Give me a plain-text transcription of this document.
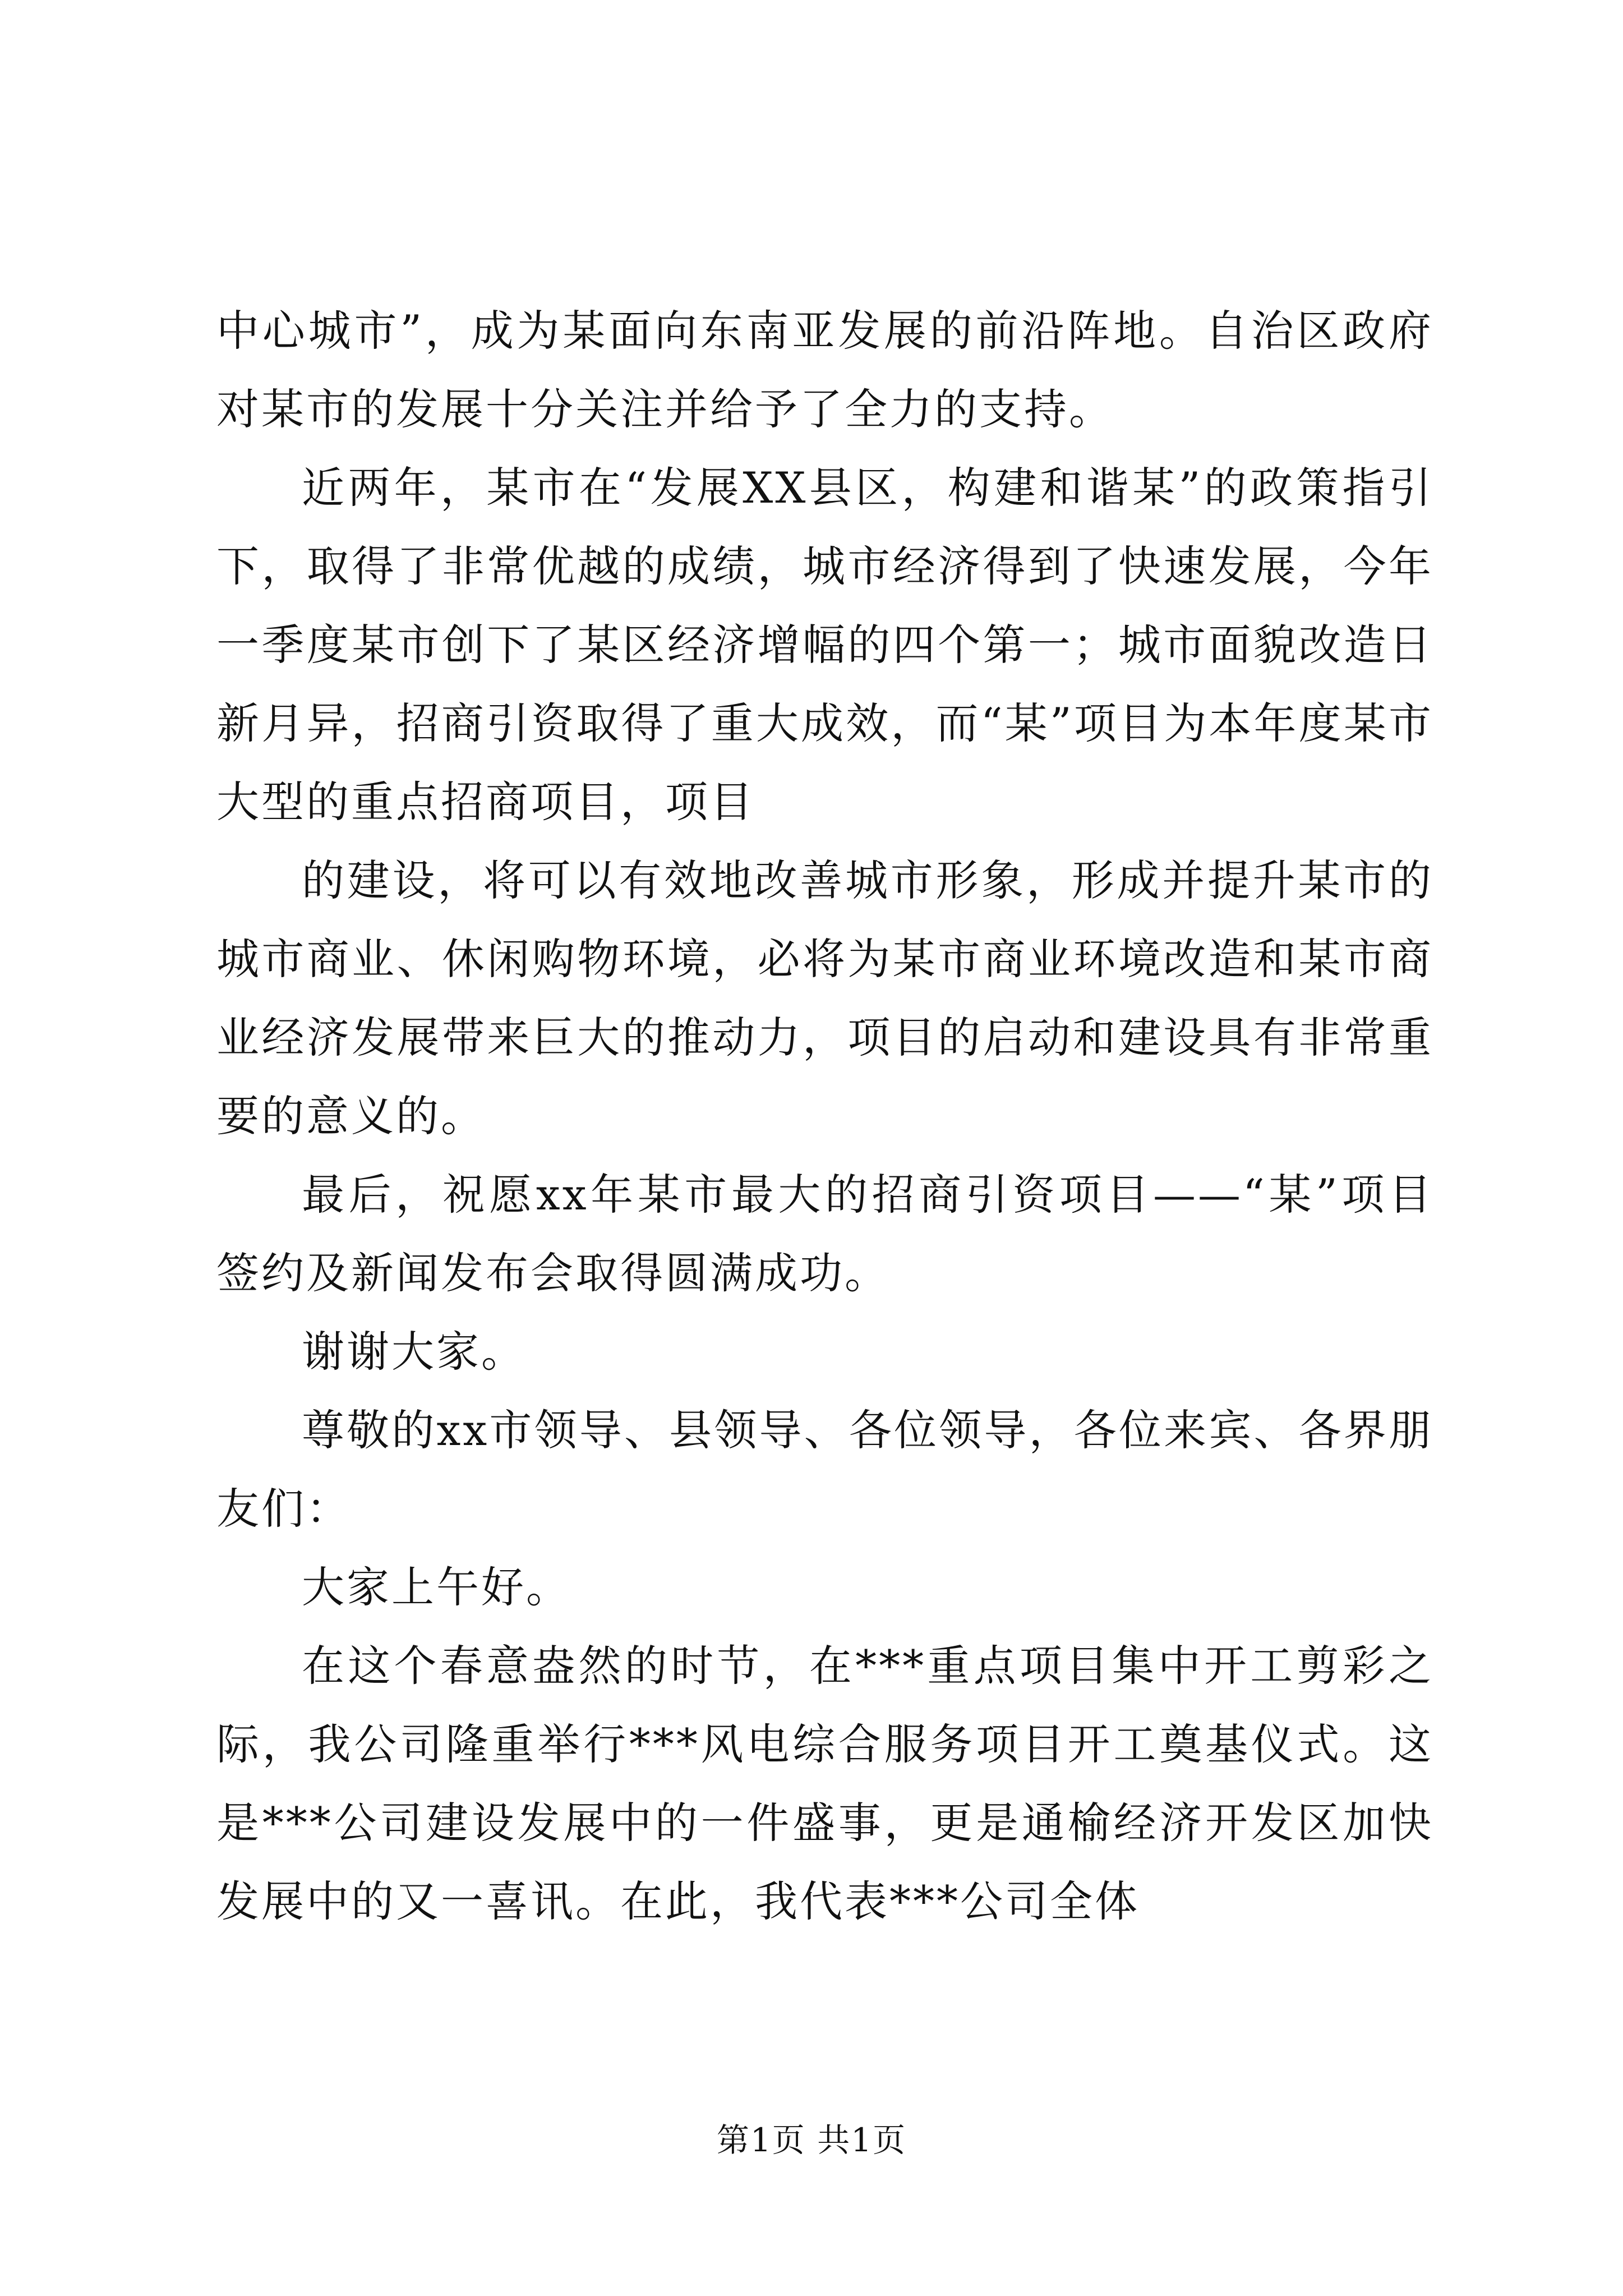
中心城市”，成为某面向东南亚发展的前沿阵地。自治区政府对某市的发展十分关注并给予了全力的支持。

近两年，某市在“发展XX县区，构建和谐某”的政策指引下，取得了非常优越的成绩，城市经济得到了快速发展，今年一季度某市创下了某区经济增幅的四个第一；城市面貌改造日新月异，招商引资取得了重大成效，而“某”项目为本年度某市大型的重点招商项目，项目

的建设，将可以有效地改善城市形象，形成并提升某市的城市商业、休闲购物环境，必将为某市商业环境改造和某市商业经济发展带来巨大的推动力，项目的启动和建设具有非常重要的意义的。

最后，祝愿xx年某市最大的招商引资项目——“某”项目签约及新闻发布会取得圆满成功。

谢谢大家。

尊敬的xx市领导、县领导、各位领导，各位来宾、各界朋友们：

大家上午好。

在这个春意盎然的时节，在***重点项目集中开工剪彩之际，我公司隆重举行***风电综合服务项目开工奠基仪式。这是***公司建设发展中的一件盛事，更是通榆经济开发区加快发展中的又一喜讯。在此，我代表***公司全体

第1页 共1页
